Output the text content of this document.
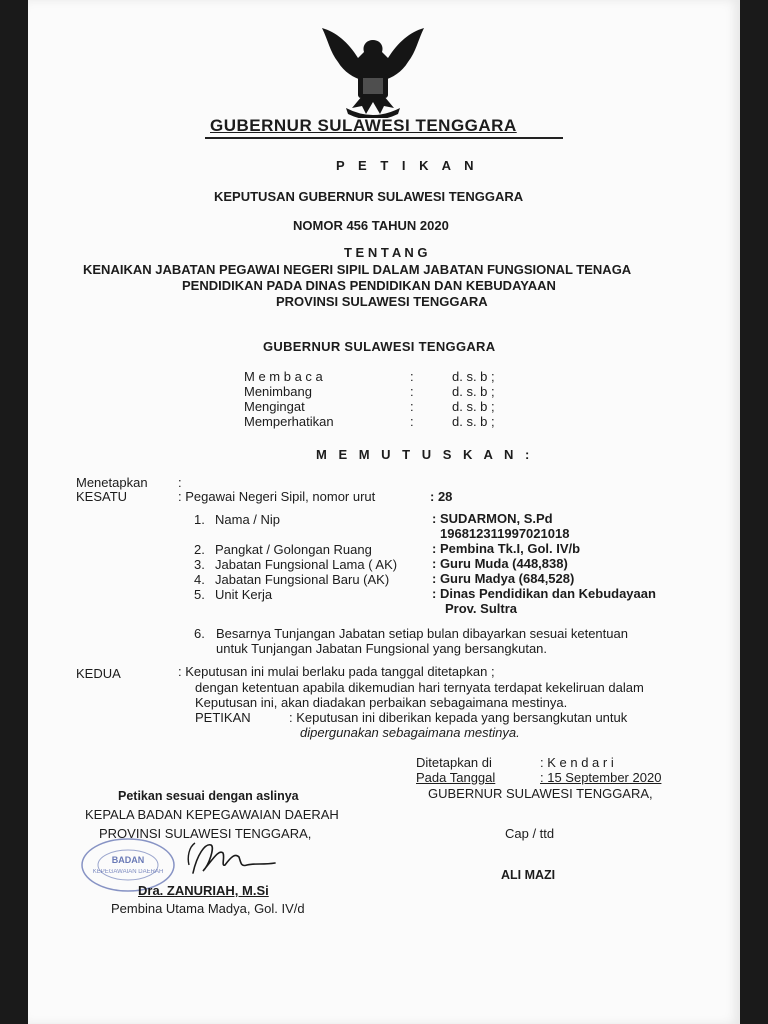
GUBERNUR SULAWESI TENGGARA
P E T I K A N
KEPUTUSAN GUBERNUR SULAWESI TENGGARA
NOMOR 456 TAHUN 2020
T E N T A N G
KENAIKAN JABATAN PEGAWAI NEGERI SIPIL DALAM JABATAN FUNGSIONAL TENAGA
PENDIDIKAN PADA DINAS PENDIDIKAN DAN KEBUDAYAAN
PROVINSI SULAWESI TENGGARA
GUBERNUR SULAWESI TENGGARA
M e m b a c a	:	d. s. b ;
Menimbang	:	d. s. b ;
Mengingat	:	d. s. b ;
Memperhatikan	:	d. s. b ;
M E M U T U S K A N :
Menetapkan :
KESATU	: Pegawai Negeri Sipil, nomor urut	: 28
1. Nama / Nip	: SUDARMON, S.Pd
196812311997021018
2. Pangkat / Golongan Ruang	: Pembina Tk.I, Gol. IV/b
3. Jabatan Fungsional Lama ( AK)	: Guru Muda (448,838)
4. Jabatan Fungsional Baru (AK)	: Guru Madya (684,528)
5. Unit Kerja	: Dinas Pendidikan dan Kebudayaan
Prov. Sultra
6. Besarnya Tunjangan Jabatan setiap bulan dibayarkan sesuai ketentuan
untuk Tunjangan Jabatan Fungsional yang bersangkutan.
KEDUA	: Keputusan ini mulai berlaku pada tanggal ditetapkan ;
dengan ketentuan apabila dikemudian hari ternyata terdapat kekeliruan dalam
Keputusan ini, akan diadakan perbaikan sebagaimana mestinya.
PETIKAN	: Keputusan ini diberikan kepada yang bersangkutan untuk
dipergunakan sebagaimana mestinya.
Ditetapkan di	: K e n d a r i
Pada Tanggal	: 15 September 2020
GUBERNUR SULAWESI TENGGARA,
Cap / ttd
ALI MAZI
Petikan sesuai dengan aslinya
KEPALA BADAN KEPEGAWAIAN DAERAH
PROVINSI SULAWESI TENGGARA,
BADAN
KEPEGAWAIAN DAERAH
Dra. ZANURIAH, M.Si
Pembina Utama Madya, Gol. IV/d
